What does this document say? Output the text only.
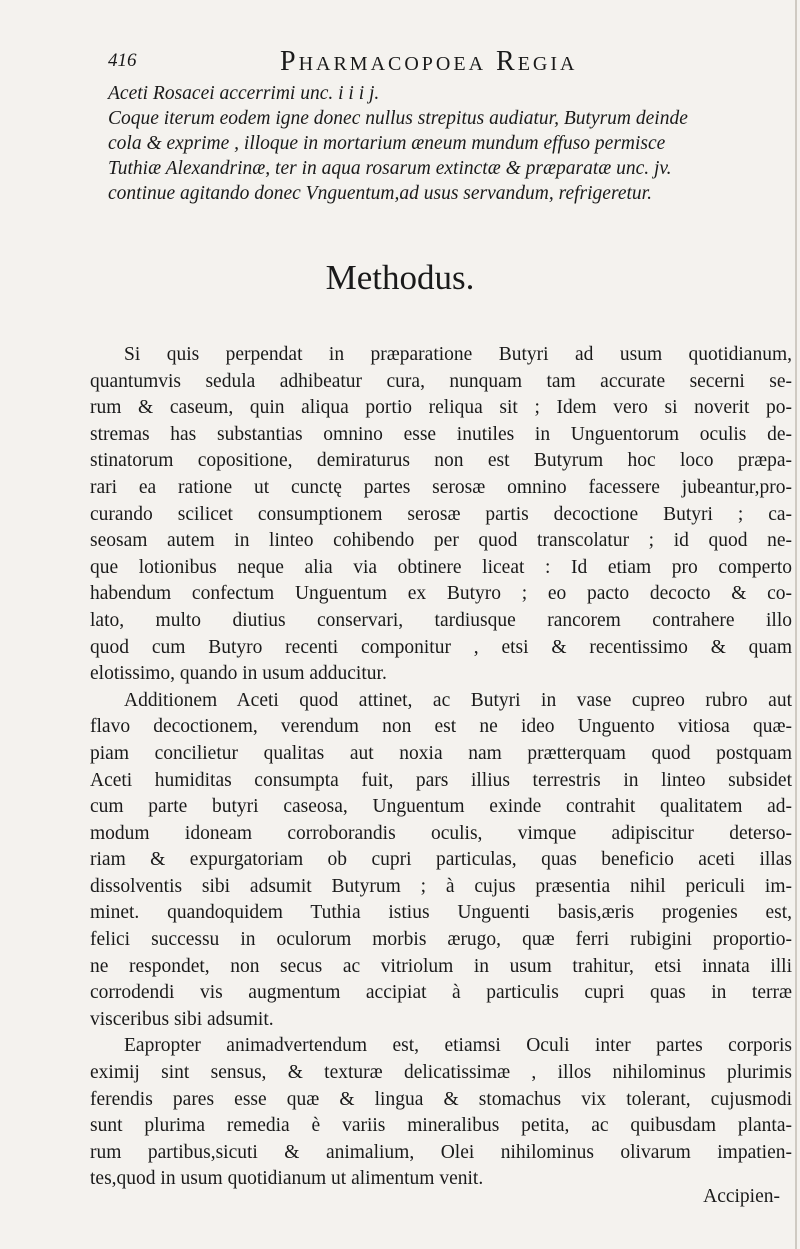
416	Pharmacopoea Regia
Aceti Rosacei accerrimi unc. i i i j.
Coque iterum eodem igne donec nullus strepitus audiatur, Butyrum deinde
cola & exprime , illoque in mortarium æneum mundum effuso permisce
Tuthiæ Alexandrinæ, ter in aqua rosarum extinctæ & præparatæ unc. jv.
continue agitando donec Vnguentum,ad usus servandum, refrigeretur.
Methodus.
Si quis perpendat in præparatione Butyri ad usum quotidianum,
quantumvis sedula adhibeatur cura, nunquam tam accurate secerni se-
rum & caseum, quin aliqua portio reliqua sit ; Idem vero si noverit po-
stremas has substantias omnino esse inutiles in Unguentorum oculis de-
stinatorum copositione, demiraturus non est Butyrum hoc loco præpa-
rari ea ratione ut cunctę partes serosæ omnino facessere jubeantur,pro-
curando scilicet consumptionem serosæ partis decoctione Butyri ; ca-
seosam autem in linteo cohibendo per quod transcolatur ; id quod ne-
que lotionibus neque alia via obtinere liceat : Id etiam pro comperto
habendum confectum Unguentum ex Butyro ; eo pacto decocto & co-
lato, multo diutius conservari, tardiusque rancorem contrahere illo
quod cum Butyro recenti componitur , etsi & recentissimo & quam
elotissimo, quando in usum adducitur.
Additionem Aceti quod attinet, ac Butyri in vase cupreo rubro aut
flavo decoctionem, verendum non est ne ideo Unguento vitiosa quæ-
piam concilietur qualitas aut noxia nam prætterquam quod postquam
Aceti humiditas consumpta fuit, pars illius terrestris in linteo subsidet
cum parte butyri caseosa, Unguentum exinde contrahit qualitatem ad-
modum idoneam corroborandis oculis, vimque adipiscitur deterso-
riam & expurgatoriam ob cupri particulas, quas beneficio aceti illas
dissolventis sibi adsumit Butyrum ; à cujus præsentia nihil periculi im-
minet. quandoquidem Tuthia istius Unguenti basis,æris progenies est,
felici successu in oculorum morbis ærugo, quæ ferri rubigini proportio-
ne respondet, non secus ac vitriolum in usum trahitur, etsi innata illi
corrodendi vis augmentum accipiat à particulis cupri quas in terræ
visceribus sibi adsumit.
Eapropter animadvertendum est, etiamsi Oculi inter partes corporis
eximij sint sensus, & texturæ delicatissimæ , illos nihilominus plurimis
ferendis pares esse quæ & lingua & stomachus vix tolerant, cujusmodi
sunt plurima remedia è variis mineralibus petita, ac quibusdam planta-
rum partibus,sicuti & animalium, Olei nihilominus olivarum impatien-
tes,quod in usum quotidianum ut alimentum venit.
Accipien-
